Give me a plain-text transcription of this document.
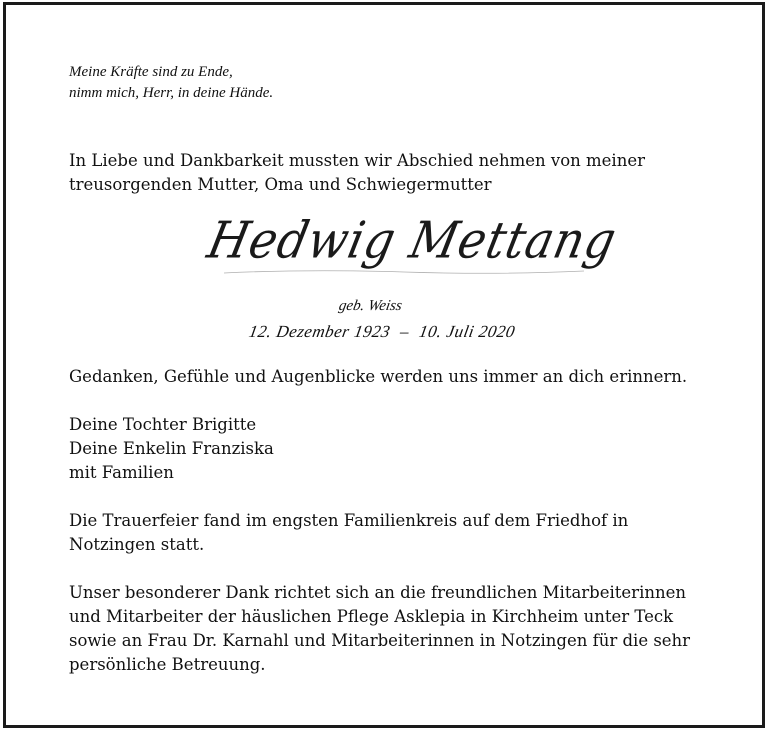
Meine Kräfte sind zu Ende,
nimm mich, Herr, in deine Hände.
In Liebe und Dankbarkeit mussten wir Abschied nehmen von meiner
treusorgenden Mutter, Oma und Schwiegermutter
Hedwig Mettang
geb. Weiss
12. Dezember 1923 – 10. Juli 2020
Gedanken, Gefühle und Augenblicke werden uns immer an dich erinnern.
Deine Tochter Brigitte
Deine Enkelin Franziska
mit Familien
Die Trauerfeier fand im engsten Familienkreis auf dem Friedhof in
Notzingen statt.
Unser besonderer Dank richtet sich an die freundlichen Mitarbeiterinnen
und Mitarbeiter der häuslichen Pflege Asklepia in Kirchheim unter Teck
sowie an Frau Dr. Karnahl und Mitarbeiterinnen in Notzingen für die sehr
persönliche Betreuung.
